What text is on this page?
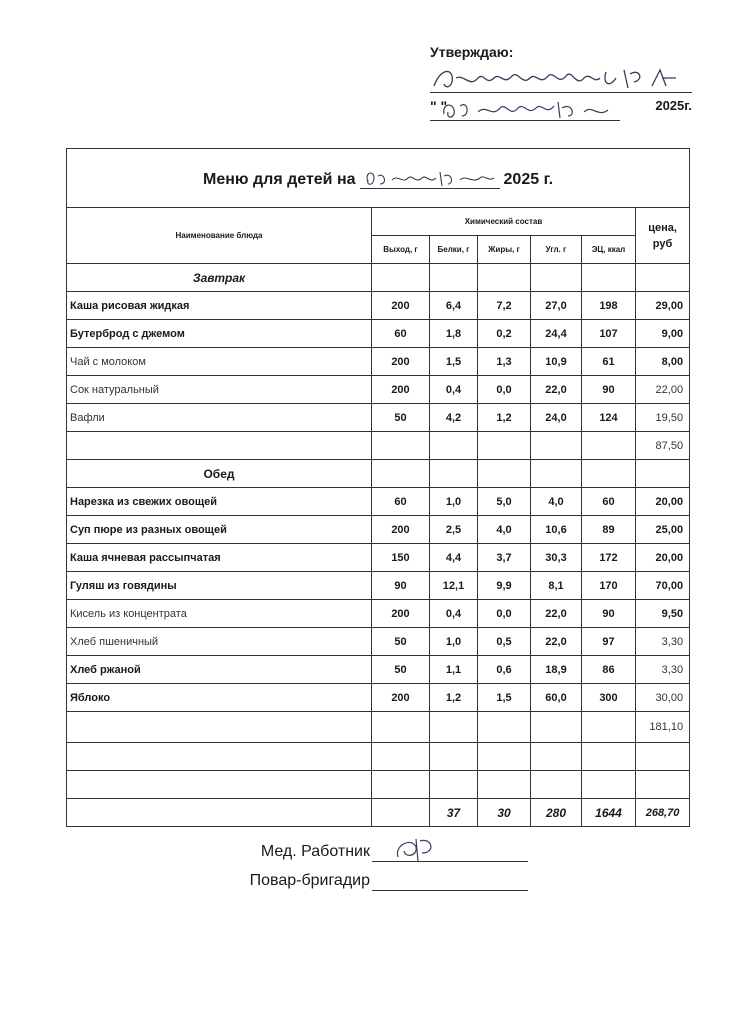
Утверждаю:
" "	2025г.
Меню для детей на 2025 г.						

Наименование блюда	Химический состав					цена, руб
	Выход, г	Белки, г	Жиры, г	Угл. г	ЭЦ, ккал	
Завтрак						
Каша рисовая жидкая	200	6,4	7,2	27,0	198	29,00
Бутерброд с джемом	60	1,8	0,2	24,4	107	9,00
Чай с молоком	200	1,5	1,3	10,9	61	8,00
Сок натуральный	200	0,4	0,0	22,0	90	22,00
Вафли	50	4,2	1,2	24,0	124	19,50
						87,50
Обед						
Нарезка из свежих овощей	60	1,0	5,0	4,0	60	20,00
Суп пюре из разных овощей	200	2,5	4,0	10,6	89	25,00
Каша ячневая рассыпчатая	150	4,4	3,7	30,3	172	20,00
Гуляш из говядины	90	12,1	9,9	8,1	170	70,00
Кисель из концентрата	200	0,4	0,0	22,0	90	9,50
Хлеб пшеничный	50	1,0	0,5	22,0	97	3,30
Хлеб ржаной	50	1,1	0,6	18,9	86	3,30
Яблоко	200	1,2	1,5	60,0	300	30,00
						181,10

		37	30	280	1644	268,70
Мед. Работник
Повар-бригадир
